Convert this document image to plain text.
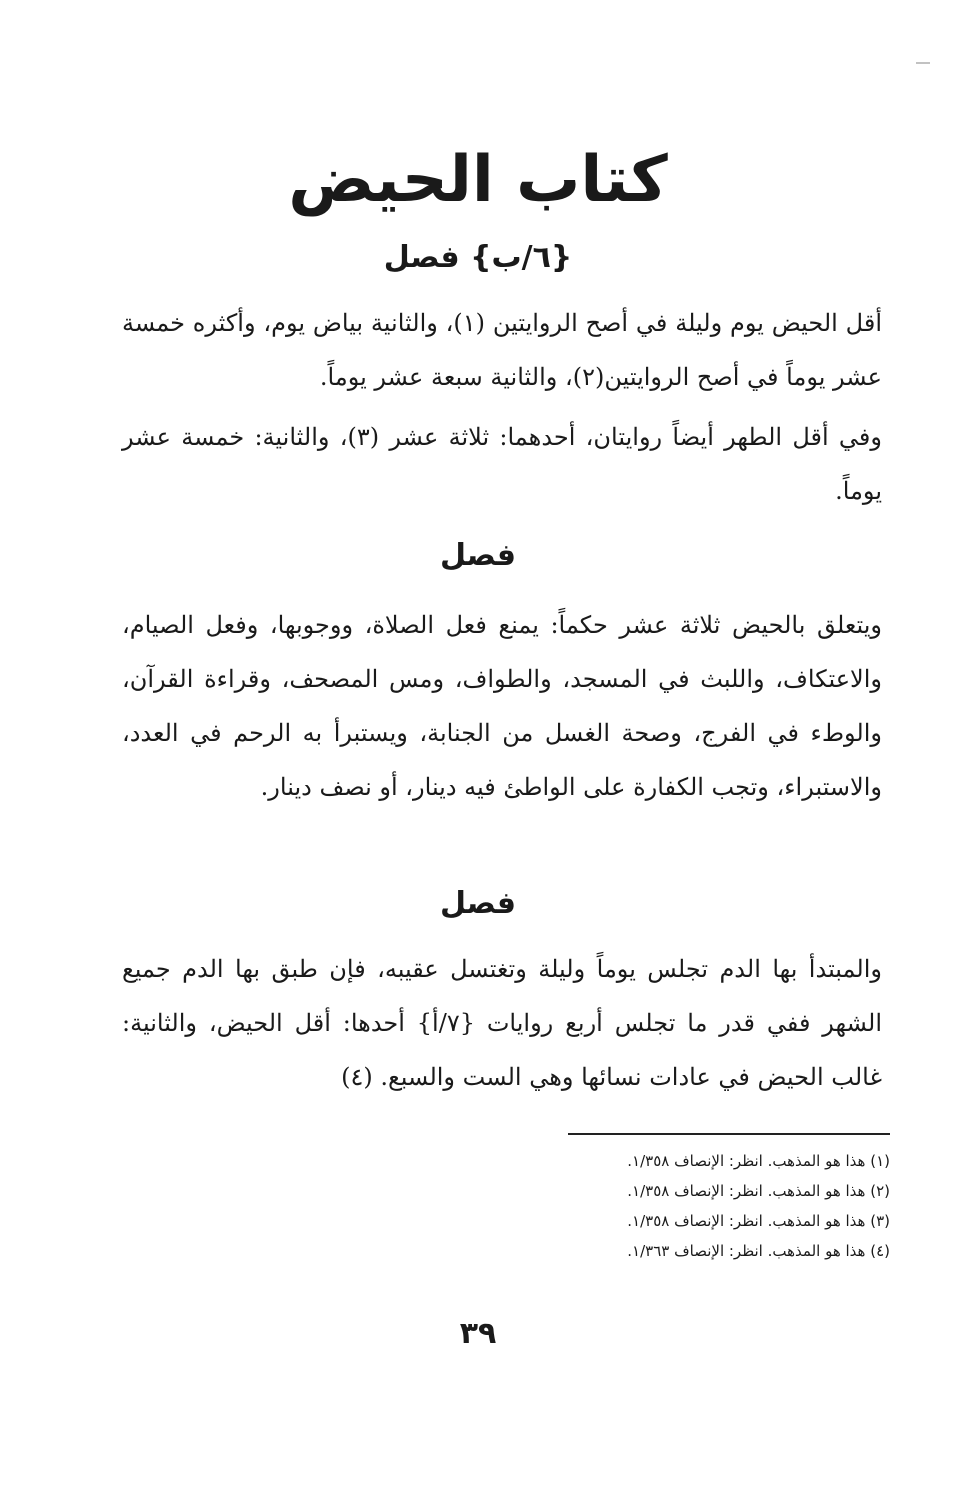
كتاب الحيض
{٦/ب} فصل

أقل الحيض يوم وليلة في أصح الروايتين (١)، والثانية بياض يوم، وأكثره خمسة عشر يوماً في أصح الروايتين(٢)، والثانية سبعة عشر يوماً.

وفي أقل الطهر أيضاً روايتان، أحدهما: ثلاثة عشر (٣)، والثانية: خمسة عشر يوماً.

فصل

ويتعلق بالحيض ثلاثة عشر حكماً: يمنع فعل الصلاة، ووجوبها، وفعل الصيام، والاعتكاف، واللبث في المسجد، والطواف، ومس المصحف، وقراءة القرآن، والوطء في الفرج، وصحة الغسل من الجنابة، ويستبرأ به الرحم في العدد، والاستبراء، وتجب الكفارة على الواطئ فيه دينار، أو نصف دينار.

فصل

والمبتدأ بها الدم تجلس يوماً وليلة وتغتسل عقيبه، فإن طبق بها الدم جميع الشهر ففي قدر ما تجلس أربع روايات {٧/أ} أحدها: أقل الحيض، والثانية: غالب الحيض في عادات نسائها وهي الست والسبع. (٤)

(١) هذا هو المذهب. انظر: الإنصاف ١/٣٥٨.
(٢) هذا هو المذهب. انظر: الإنصاف ١/٣٥٨.
(٣) هذا هو المذهب. انظر: الإنصاف ١/٣٥٨.
(٤) هذا هو المذهب. انظر: الإنصاف ١/٣٦٣.
٣٩
